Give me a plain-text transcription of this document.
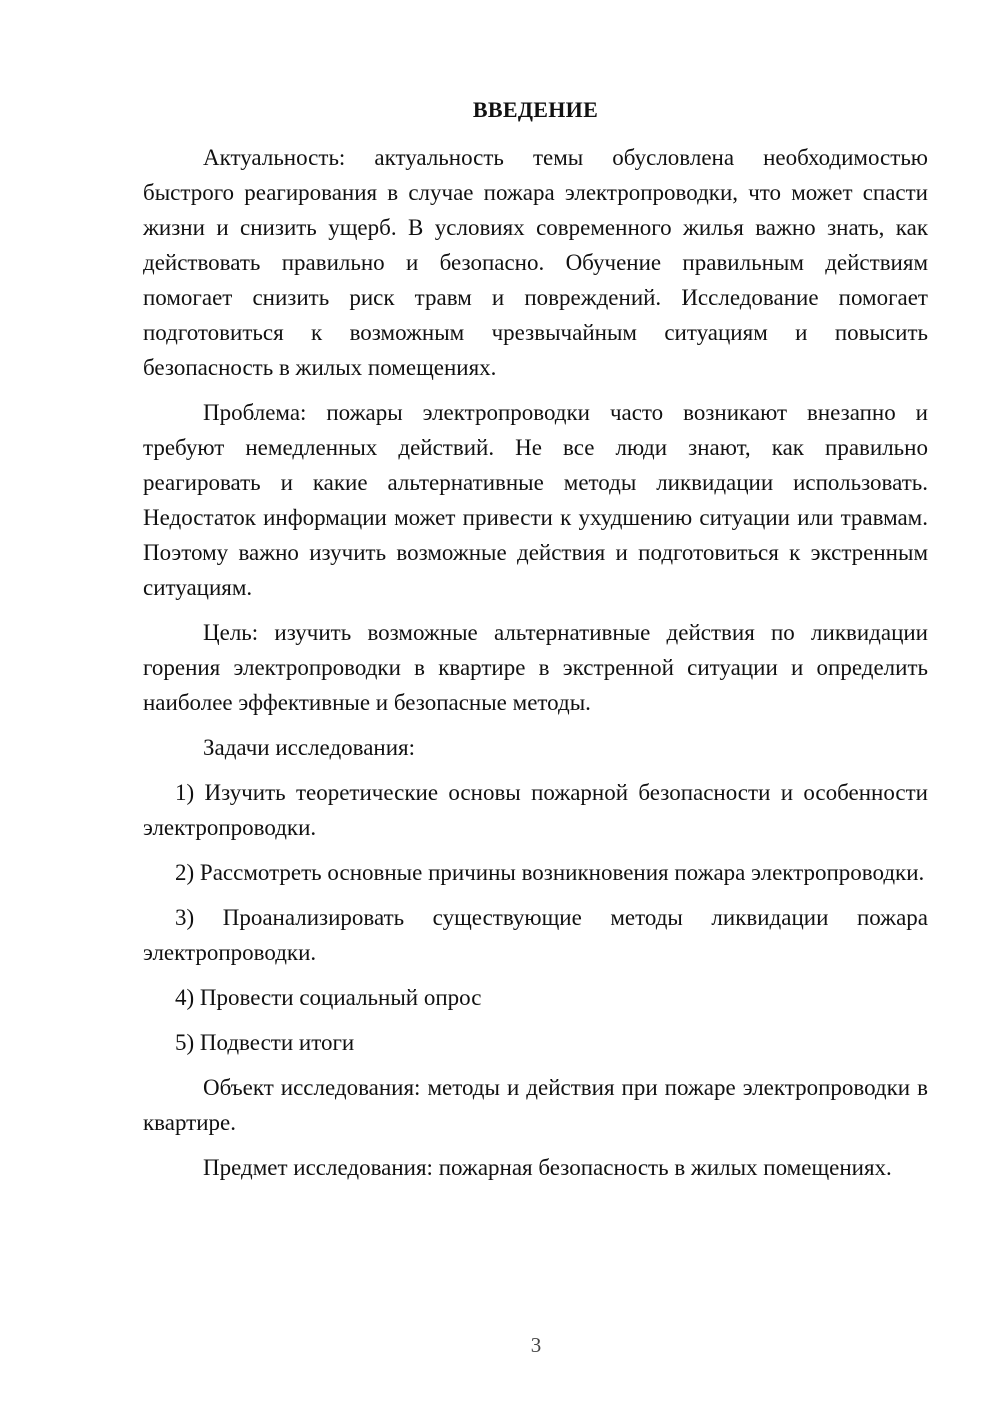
ВВЕДЕНИЕ

Актуальность: актуальность темы обусловлена необходимостью быстрого реагирования в случае пожара электропроводки, что может спасти жизни и снизить ущерб. В условиях современного жилья важно знать, как действовать правильно и безопасно. Обучение правильным действиям помогает снизить риск травм и повреждений. Исследование помогает подготовиться к возможным чрезвычайным ситуациям и повысить безопасность в жилых помещениях.

Проблема: пожары электропроводки часто возникают внезапно и требуют немедленных действий. Не все люди знают, как правильно реагировать и какие альтернативные методы ликвидации использовать. Недостаток информации может привести к ухудшению ситуации или травмам. Поэтому важно изучить возможные действия и подготовиться к экстренным ситуациям.

Цель: изучить возможные альтернативные действия по ликвидации горения электропроводки в квартире в экстренной ситуации и определить наиболее эффективные и безопасные методы.

Задачи исследования:

1) Изучить теоретические основы пожарной безопасности и особенности электропроводки.

2) Рассмотреть основные причины возникновения пожара электропроводки.

3) Проанализировать существующие методы ликвидации пожара электропроводки.

4) Провести социальный опрос

5) Подвести итоги

Объект исследования: методы и действия при пожаре электропроводки в квартире.

Предмет исследования: пожарная безопасность в жилых помещениях.

3
